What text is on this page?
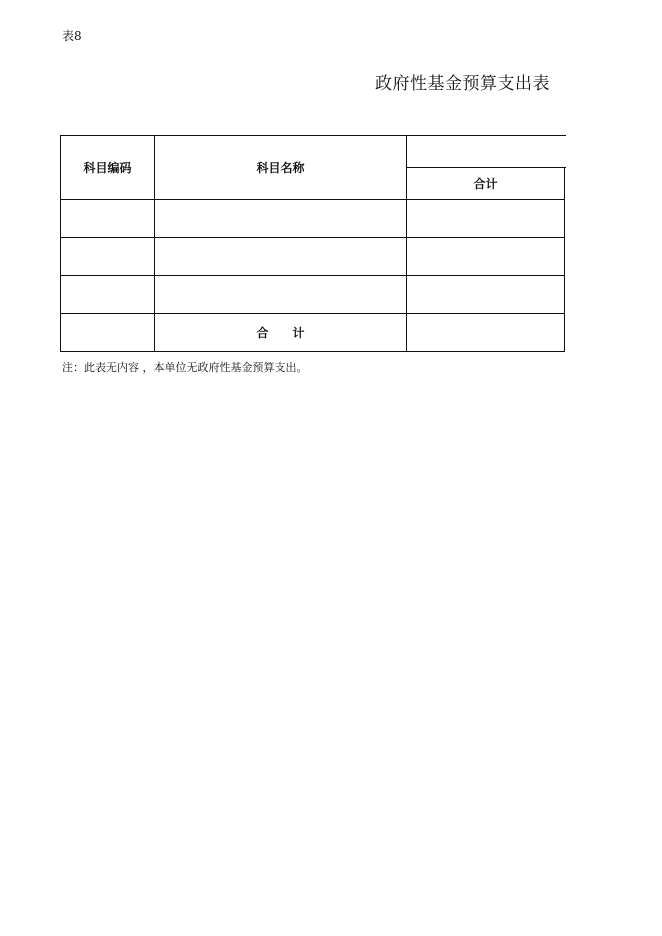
表8
政府性基金预算支出表
科目编码	科目名称
合计
合　　计
注：此表无内容 ，本单位无政府性基金预算支出。
